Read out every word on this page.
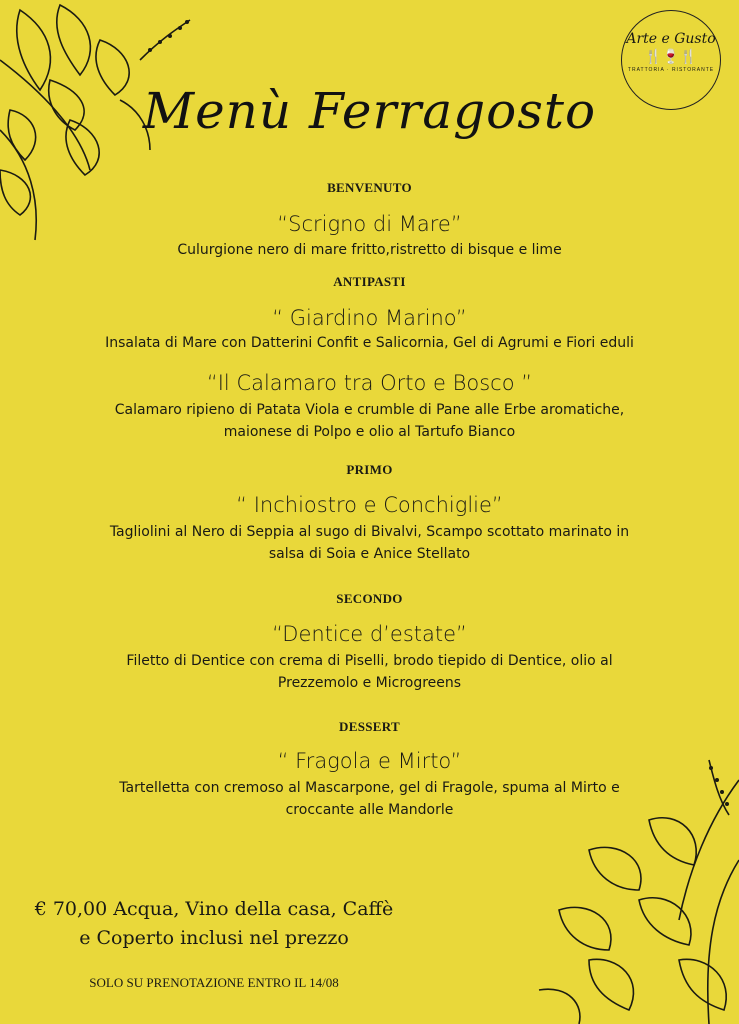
Arte e Gusto
🍴🍷🍴
TRATTORIA · RISTORANTE
Menù Ferragosto
BENVENUTO
“Scrigno di Mare”
Culurgione nero di mare fritto,ristretto di bisque e lime
ANTIPASTI
“ Giardino Marino”
Insalata di Mare con Datterini Confit e Salicornia, Gel di Agrumi e Fiori eduli
“Il Calamaro tra Orto e Bosco ”
Calamaro ripieno di Patata Viola e crumble di Pane alle Erbe aromatiche,
maionese di Polpo e olio al Tartufo Bianco
PRIMO
“ Inchiostro e Conchiglie”
Tagliolini al Nero di Seppia al sugo di Bivalvi, Scampo scottato marinato in
salsa di Soia e Anice Stellato
SECONDO
“Dentice d’estate”
Filetto di Dentice con crema di Piselli, brodo tiepido di Dentice, olio al
Prezzemolo e Microgreens
DESSERT
“ Fragola e Mirto”
Tartelletta con cremoso al Mascarpone, gel di Fragole, spuma al Mirto e
croccante alle Mandorle
€ 70,00 Acqua, Vino della casa, Caffè
e Coperto inclusi nel prezzo
SOLO SU PRENOTAZIONE ENTRO IL 14/08
